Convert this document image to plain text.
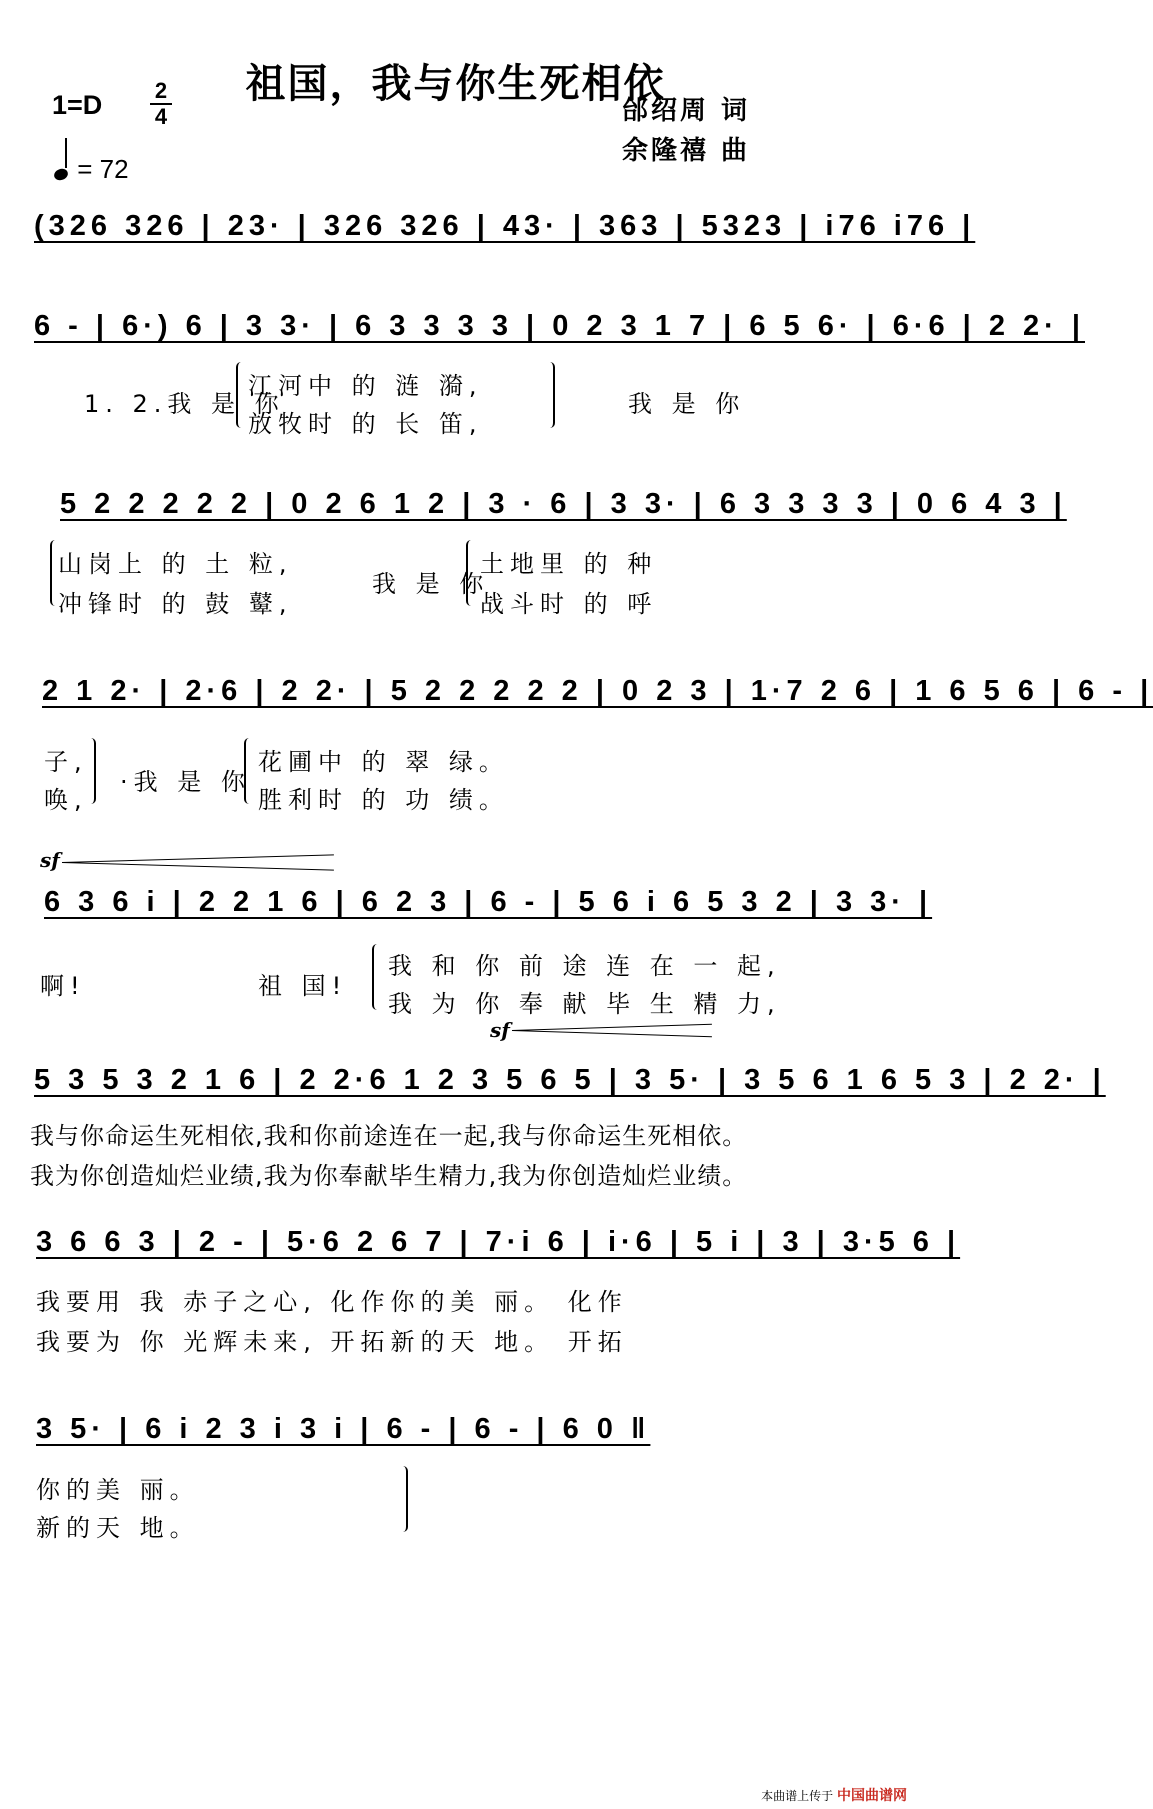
祖国，我与你生死相依
1=D 2
4
= 72
邰绍周 词
余隆禧 曲
(326 326 | 23· | 326 326 | 43· | 363 | 5323 | i76 i76 |
6 - | 6·) 6 | 3 3· | 6 3 3 3 3 | 0 2 3 1 7 | 6 5 6· | 6·6 | 2 2· |
5 2 2 2 2 2 | 0 2 6 1 2 | 3 · 6 | 3 3· | 6 3 3 3 3 | 0 6 4 3 |
2 1 2· | 2·6 | 2 2· | 5 2 2 2 2 2 | 0 2 3 | 1·7 2 6 | 1 6 5 6 | 6 - |
6 3 6 i | 2 2 1 6 | 6 2 3 | 6 - | 5 6 i 6 5 3 2 | 3 3· |
5 3 5 3 2 1 6 | 2 2·6 1 2 3 5 6 5 | 3 5· | 3 5 6 1 6 5 3 | 2 2· |
3 6 6 3 | 2 - | 5·6 2 6 7 | 7·i 6 | i·6 | 5 i | 3 | 3·5 6 |
3 5· | 6 i 2 3 i 3 i | 6 - | 6 - | 6 0 ‖
1. 2.我 是 你
江河中 的 涟 漪,
放牧时 的 长 笛,
我 是 你
山岗上 的 土 粒,
冲锋时 的 鼓 鼙,
我 是 你
土地里 的 种
战斗时 的 呼
子,
唤,
·我 是 你
花圃中 的 翠 绿。
胜利时 的 功 绩。
sf
啊!	祖 国!
我 和 你 前 途 连 在 一 起,
我 为 你 奉 献 毕 生 精 力,
sf
我与你命运生死相依,我和你前途连在一起,我与你命运生死相依。
我为你创造灿烂业绩,我为你奉献毕生精力,我为你创造灿烂业绩。
我要用 我 赤子之心, 化作你的美 丽。 化作
我要为 你 光辉未来, 开拓新的天 地。 开拓
你的美 丽。
新的天 地。
本曲谱上传于 中国曲谱网
